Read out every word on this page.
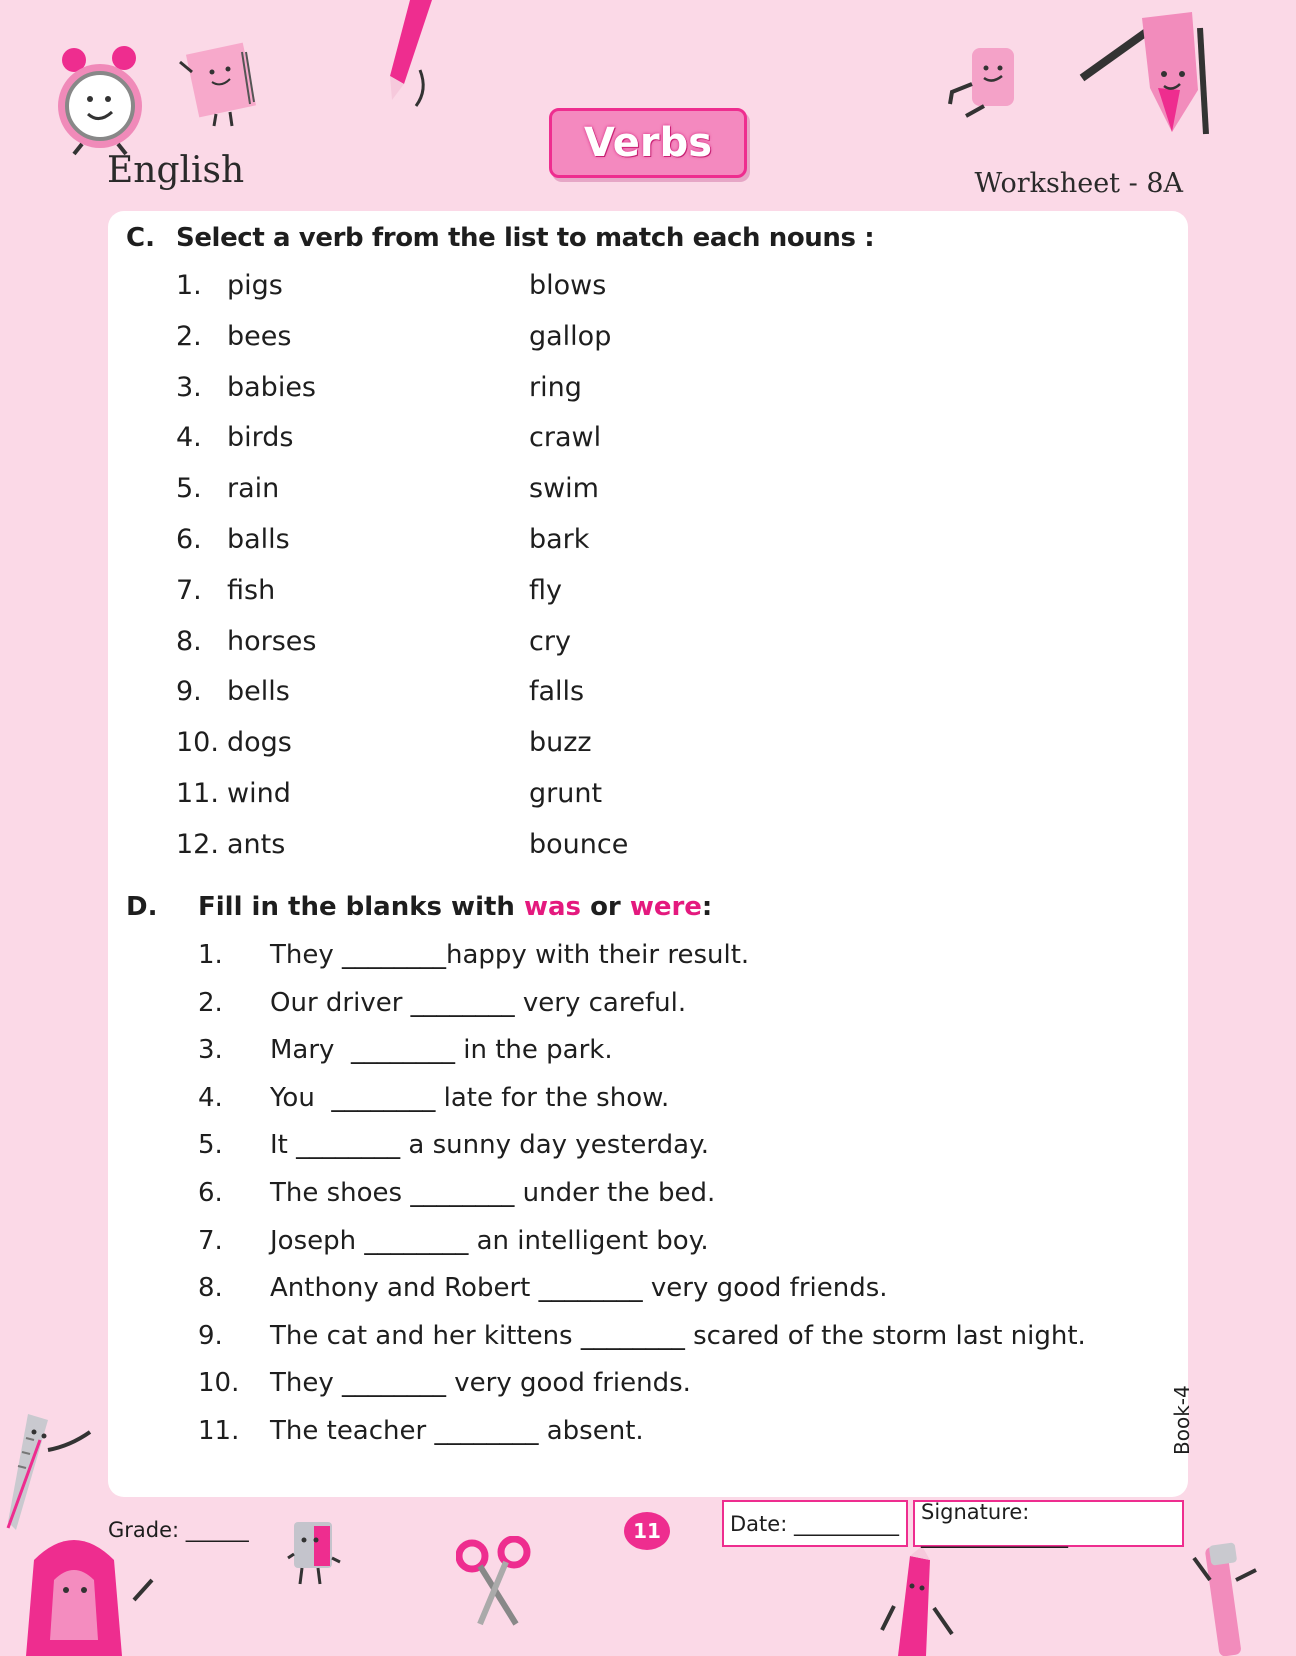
English
Verbs
Worksheet - 8A
C. Select a verb from the list to match each nouns :
1. pigs	blows
2. bees	gallop
3. babies	ring
4. birds	crawl
5. rain	swim
6. balls	bark
7. fish	fly
8. horses	cry
9. bells	falls
10. dogs	buzz
11. wind	grunt
12. ants	bounce
D. Fill in the blanks with was or were:
1. They ________happy with their result.
2. Our driver ________ very careful.
3. Mary  ________ in the park.
4. You  ________ late for the show.
5. It ________ a sunny day yesterday.
6. The shoes ________ under the bed.
7. Joseph ________ an intelligent boy.
8. Anthony and Robert ________ very good friends.
9. The cat and her kittens ________ scared of the storm last night.
10. They ________ very good friends.
11. The teacher ________ absent.
Grade: ______	11	Date: __________ Signature: ______________
Book-4
